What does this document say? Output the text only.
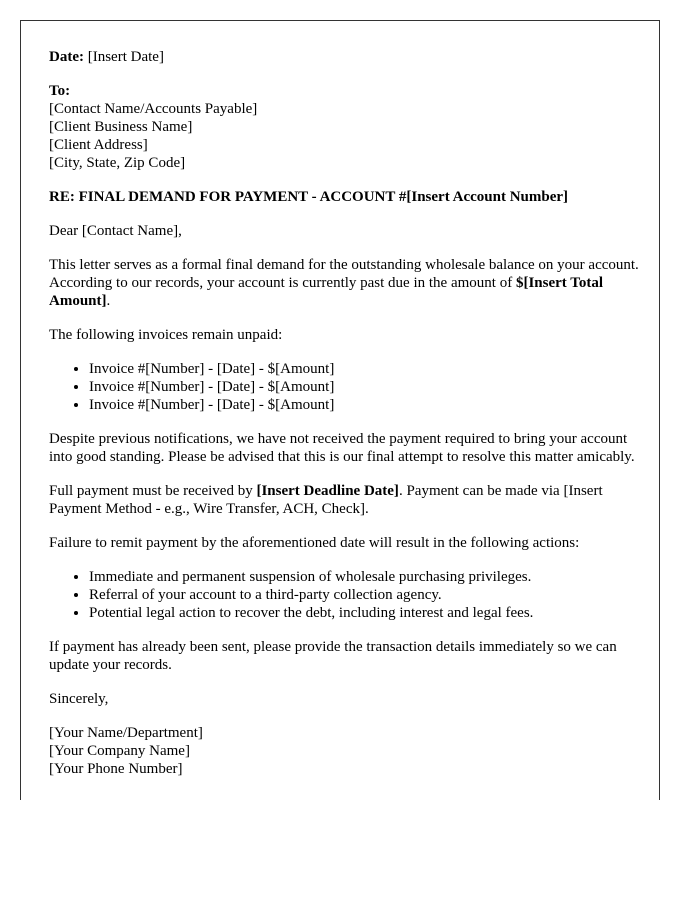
Date: [Insert Date]

To:
[Contact Name/Accounts Payable]
[Client Business Name]
[Client Address]
[City, State, Zip Code]

RE: FINAL DEMAND FOR PAYMENT - ACCOUNT #[Insert Account Number]

Dear [Contact Name],

This letter serves as a formal final demand for the outstanding wholesale balance on your account. According to our records, your account is currently past due in the amount of $[Insert Total Amount].

The following invoices remain unpaid:

• Invoice #[Number] - [Date] - $[Amount]
• Invoice #[Number] - [Date] - $[Amount]
• Invoice #[Number] - [Date] - $[Amount]

Despite previous notifications, we have not received the payment required to bring your account into good standing. Please be advised that this is our final attempt to resolve this matter amicably.

Full payment must be received by [Insert Deadline Date]. Payment can be made via [Insert Payment Method - e.g., Wire Transfer, ACH, Check].

Failure to remit payment by the aforementioned date will result in the following actions:

• Immediate and permanent suspension of wholesale purchasing privileges.
• Referral of your account to a third-party collection agency.
• Potential legal action to recover the debt, including interest and legal fees.

If payment has already been sent, please provide the transaction details immediately so we can update your records.

Sincerely,

[Your Name/Department]
[Your Company Name]
[Your Phone Number]
